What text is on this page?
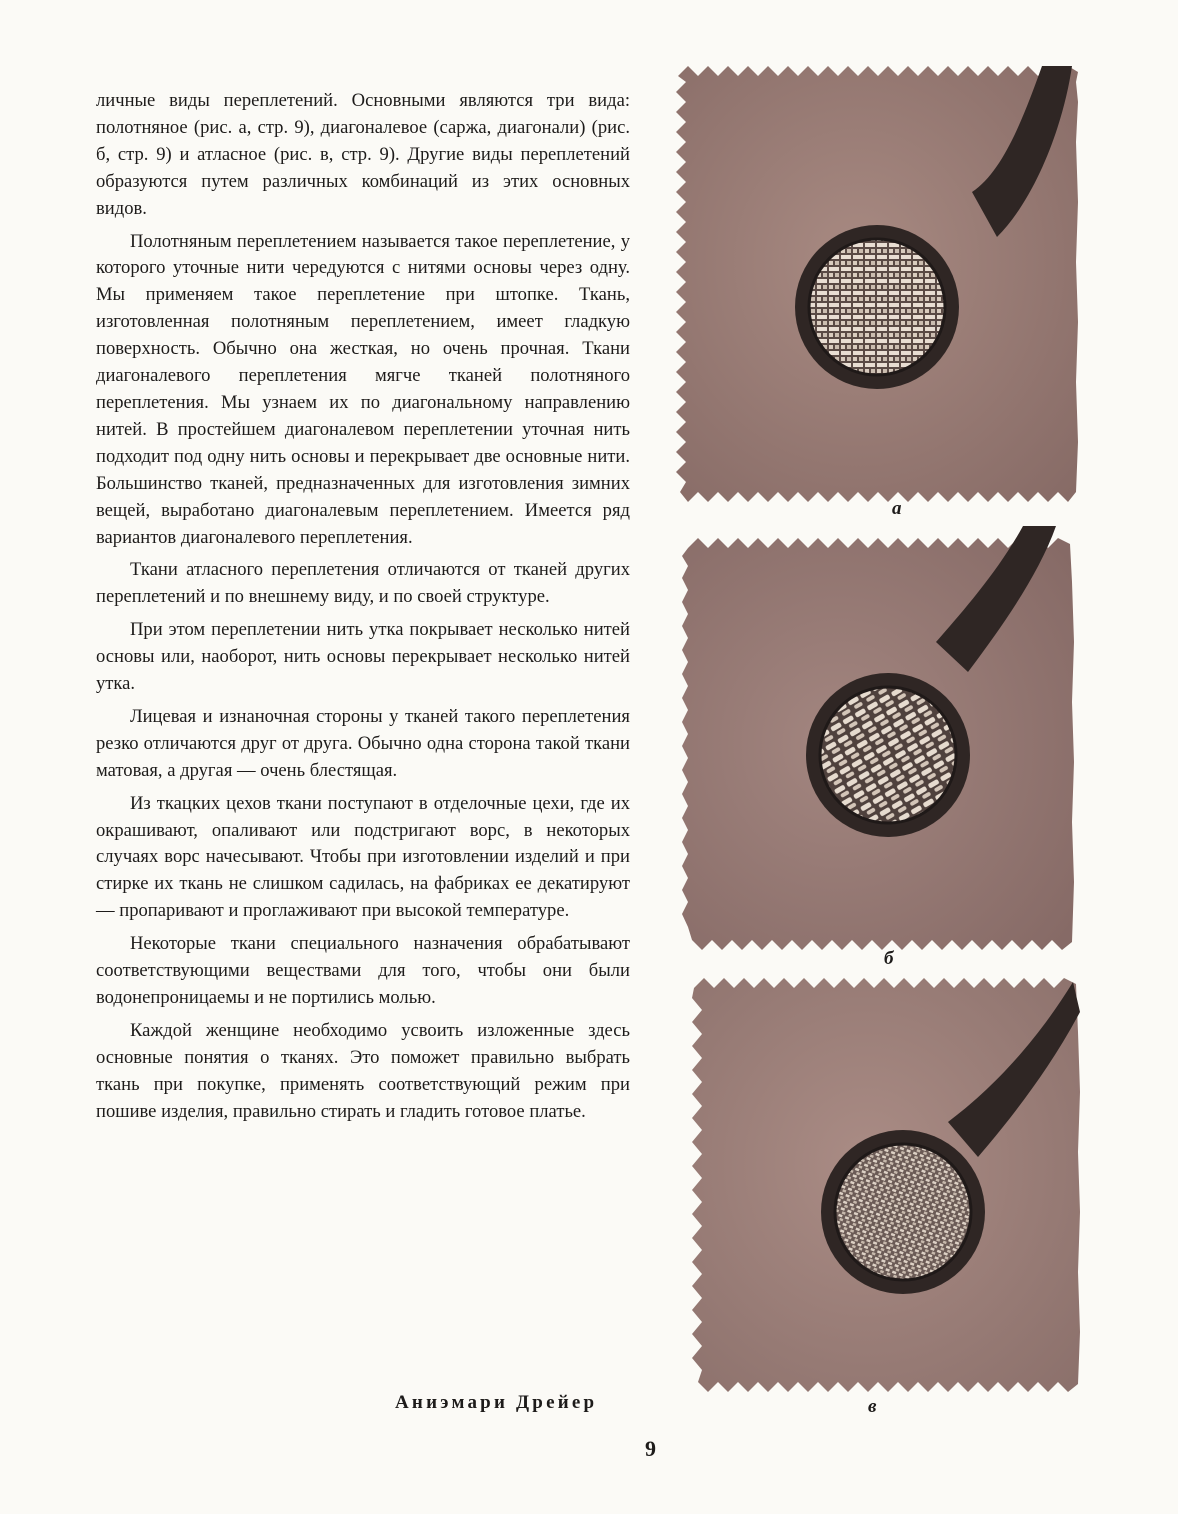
личные виды переплетений. Основными являются три вида: полотняное (рис. а, стр. 9), диагоналевое (саржа, диагонали) (рис. б, стр. 9) и атласное (рис. в, стр. 9). Другие виды переплетений образуются путем различных комбинаций из этих основных видов.

Полотняным переплетением называется такое переплетение, у которого уточные нити чередуются с нитями основы через одну. Мы применяем такое переплетение при штопке. Ткань, изготовленная полотняным переплетением, имеет гладкую поверхность. Обычно она жесткая, но очень прочная. Ткани диагоналевого переплетения мягче тканей полотняного переплетения. Мы узнаем их по диагональному направлению нитей. В простейшем диагоналевом переплетении уточная нить подходит под одну нить основы и перекрывает две основные нити. Большинство тканей, предназначенных для изготовления зимних вещей, выработано диагоналевым переплетением. Имеется ряд вариантов диагоналевого переплетения.

Ткани атласного переплетения отличаются от тканей других переплетений и по внешнему виду, и по своей структуре.

При этом переплетении нить утка покрывает несколько нитей основы или, наоборот, нить основы перекрывает несколько нитей утка.

Лицевая и изнаночная стороны у тканей такого переплетения резко отличаются друг от друга. Обычно одна сторона такой ткани матовая, а другая — очень блестящая.

Из ткацких цехов ткани поступают в отделочные цехи, где их окрашивают, опаливают или подстригают ворс, в некоторых случаях ворс начесывают. Чтобы при изготовлении изделий и при стирке их ткань не слишком садилась, на фабриках ее декатируют — пропаривают и проглаживают при высокой температуре.

Некоторые ткани специального назначения обрабатывают соответствующими веществами для того, чтобы они были водонепроницаемы и не портились молью.

Каждой женщине необходимо усвоить изложенные здесь основные понятия о тканях. Это поможет правильно выбрать ткань при покупке, применять соответствующий режим при пошиве изделия, правильно стирать и гладить готовое платье.

Аниэмари Дрейер
9
а
б
в
